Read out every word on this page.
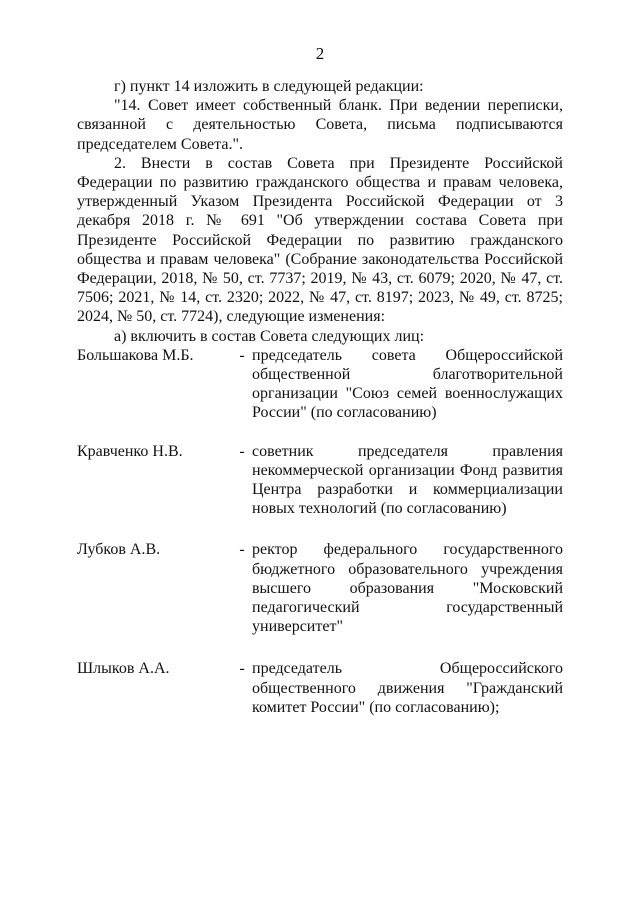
2

г) пункт 14 изложить в следующей редакции:

"14. Совет имеет собственный бланк. При ведении переписки, связанной с деятельностью Совета, письма подписываются председателем Совета.".

2. Внести в состав Совета при Президенте Российской Федерации по развитию гражданского общества и правам человека, утвержденный Указом Президента Российской Федерации от 3 декабря 2018 г. № 691 "Об утверждении состава Совета при Президенте Российской Федерации по развитию гражданского общества и правам человека" (Собрание законодательства Российской Федерации, 2018, № 50, ст. 7737; 2019, № 43, ст. 6079; 2020, № 47, ст. 7506; 2021, № 14, ст. 2320; 2022, № 47, ст. 8197; 2023, № 49, ст. 8725; 2024, № 50, ст. 7724), следующие изменения:

а) включить в состав Совета следующих лиц:

Большакова М.Б.	- председатель совета Общероссийской общественной благотворительной организации "Союз семей военнослужащих России" (по согласованию)
Кравченко Н.В.	- советник председателя правления некоммерческой организации Фонд развития Центра разработки и коммерциализации новых технологий (по согласованию)
Лубков А.В.	- ректор федерального государственного бюджетного образовательного учреждения высшего образования "Московский педагогический государственный университет"
Шлыков А.А.	- председатель Общероссийского общественного движения "Гражданский комитет России" (по согласованию);
